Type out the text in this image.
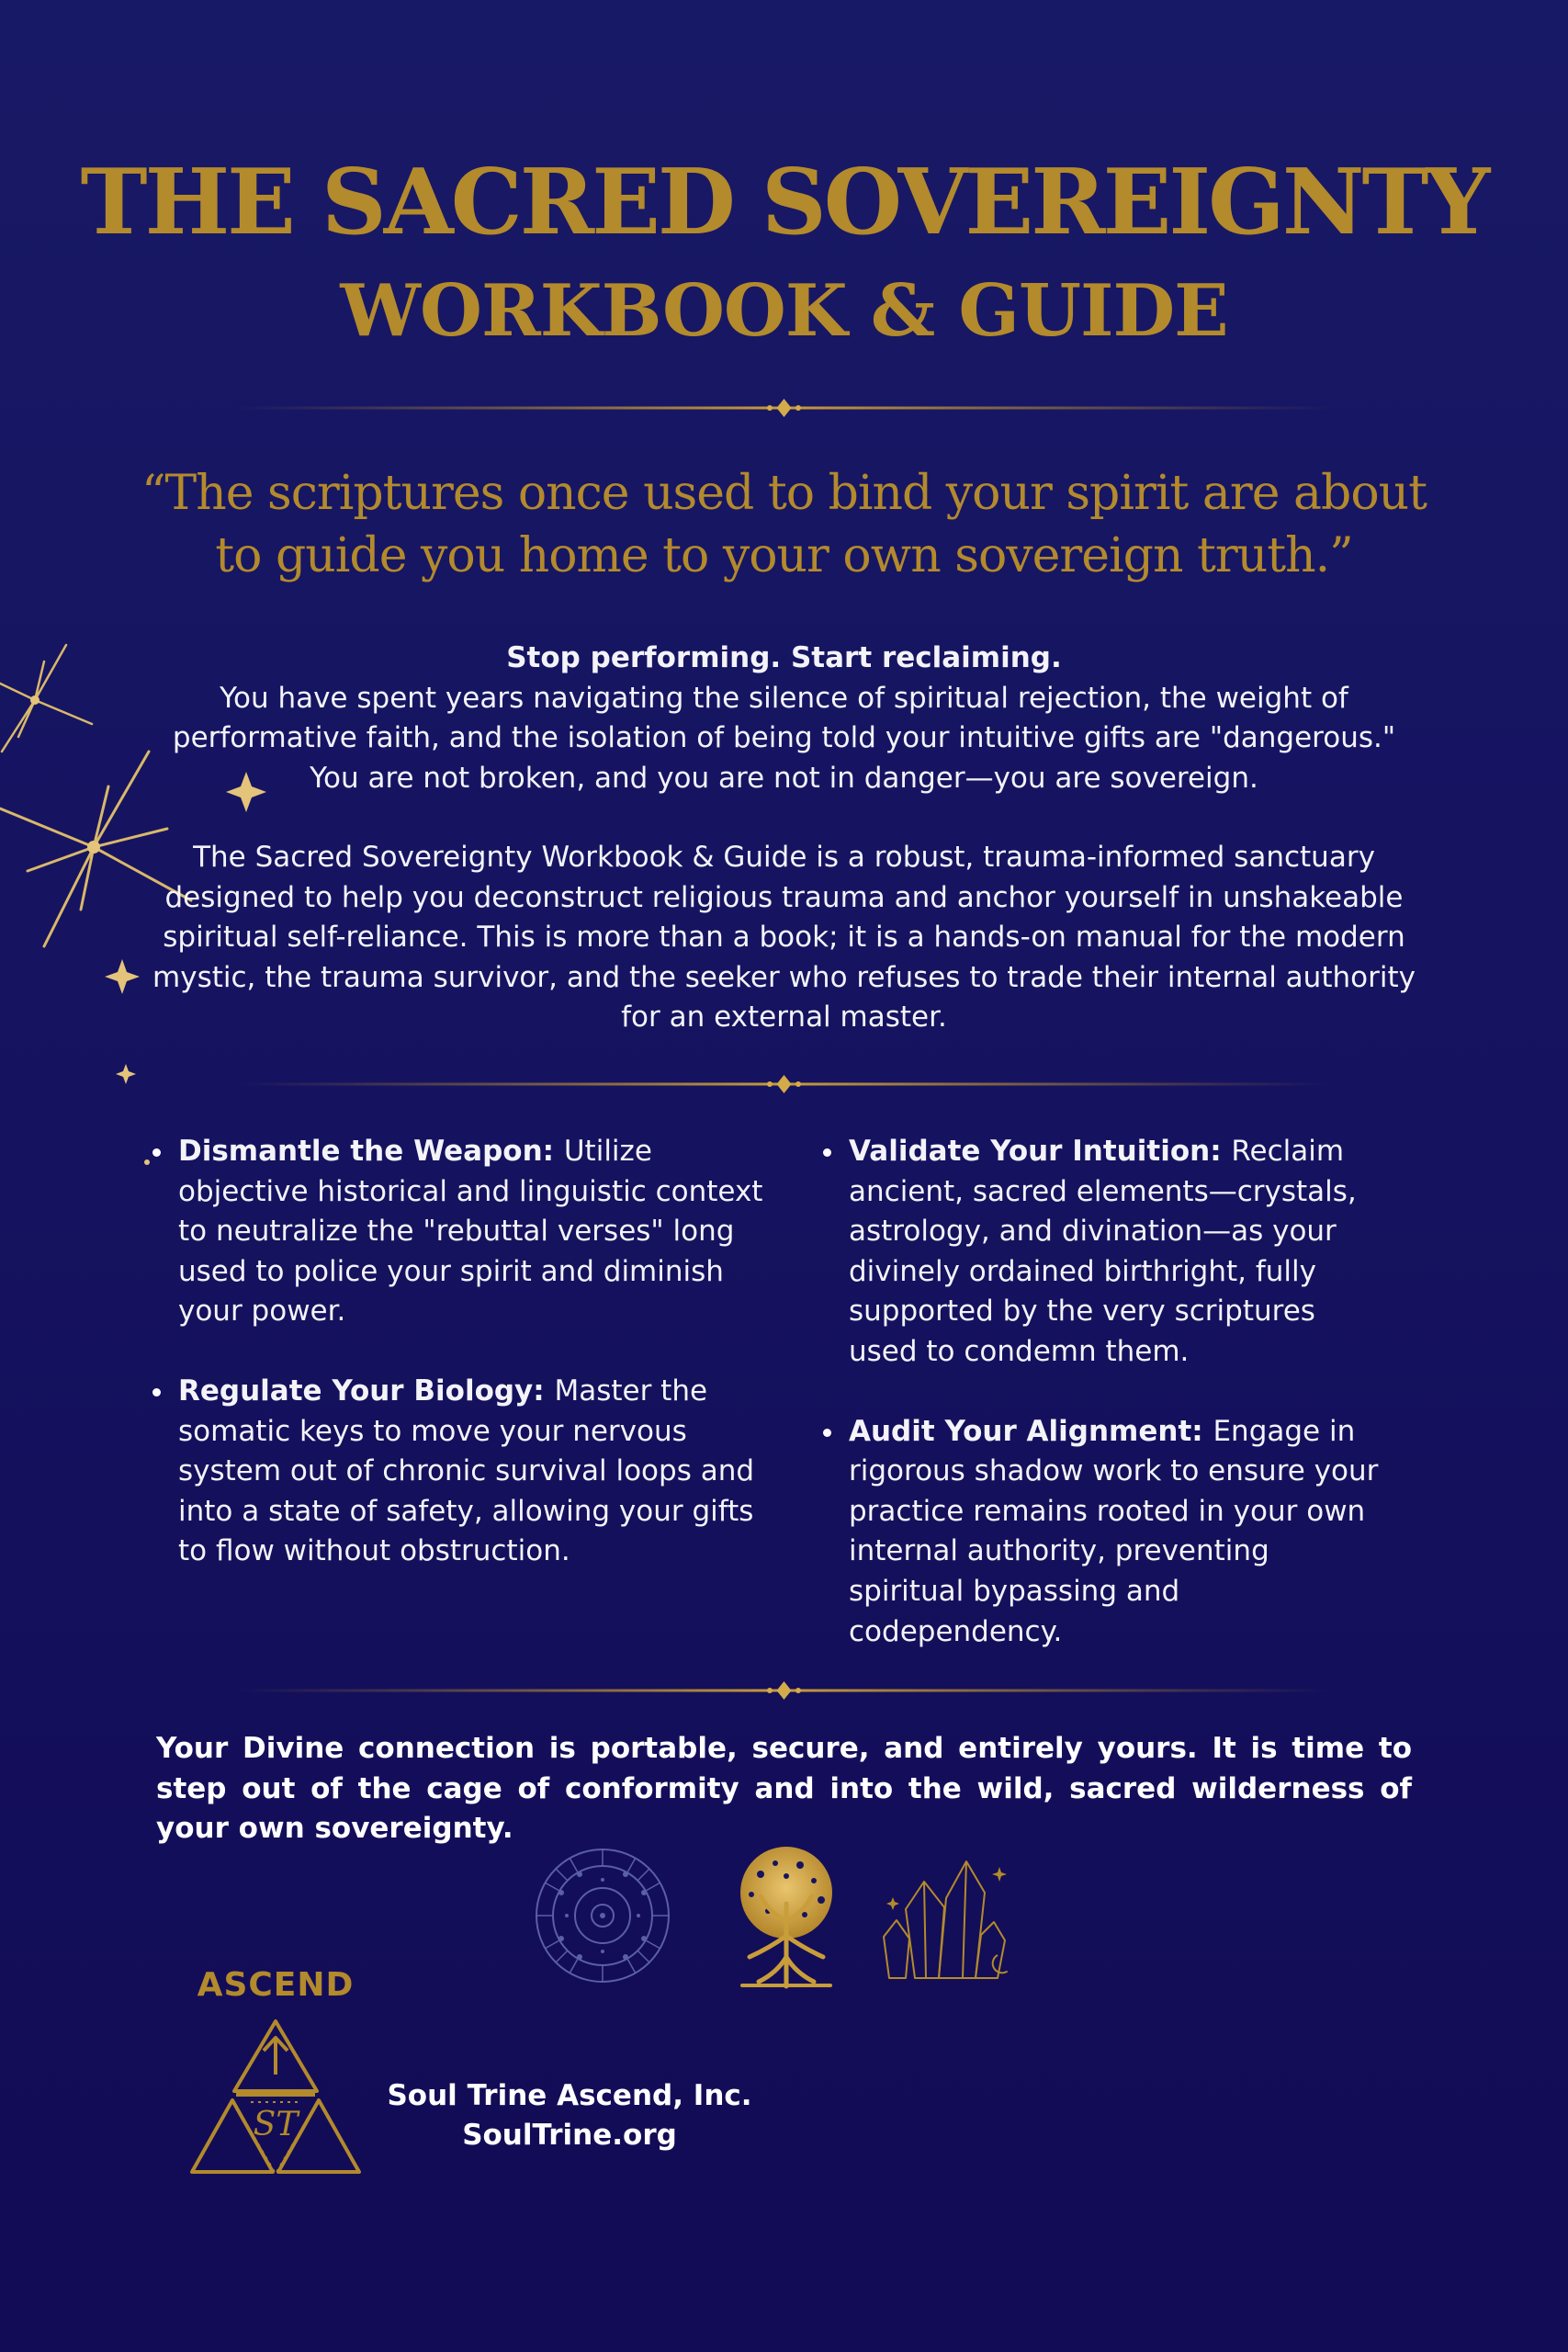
THE SACRED SOVEREIGNTY
WORKBOOK & GUIDE
“The scriptures once used to bind your spirit are about to guide you home to your own sovereign truth.”
Stop performing. Start reclaiming.
You have spent years navigating the silence of spiritual rejection, the weight of performative faith, and the isolation of being told your intuitive gifts are "dangerous." You are not broken, and you are not in danger—you are sovereign.
The Sacred Sovereignty Workbook & Guide is a robust, trauma-informed sanctuary designed to help you deconstruct religious trauma and anchor yourself in unshakeable spiritual self-reliance. This is more than a book; it is a hands-on manual for the modern mystic, the trauma survivor, and the seeker who refuses to trade their internal authority for an external master.
Dismantle the Weapon: Utilize objective historical and linguistic context to neutralize the "rebuttal verses" long used to police your spirit and diminish your power.
Regulate Your Biology: Master the somatic keys to move your nervous system out of chronic survival loops and into a state of safety, allowing your gifts to flow without obstruction.
Validate Your Intuition: Reclaim ancient, sacred elements—crystals, astrology, and divination—as your divinely ordained birthright, fully supported by the very scriptures used to condemn them.
Audit Your Alignment: Engage in rigorous shadow work to ensure your practice remains rooted in your own internal authority, preventing spiritual bypassing and codependency.
Your Divine connection is portable, secure, and entirely yours. It is time to step out of the cage of conformity and into the wild, sacred wilderness of your own sovereignty.
ASCEND
ST
Soul Trine Ascend, Inc.
SoulTrine.org
